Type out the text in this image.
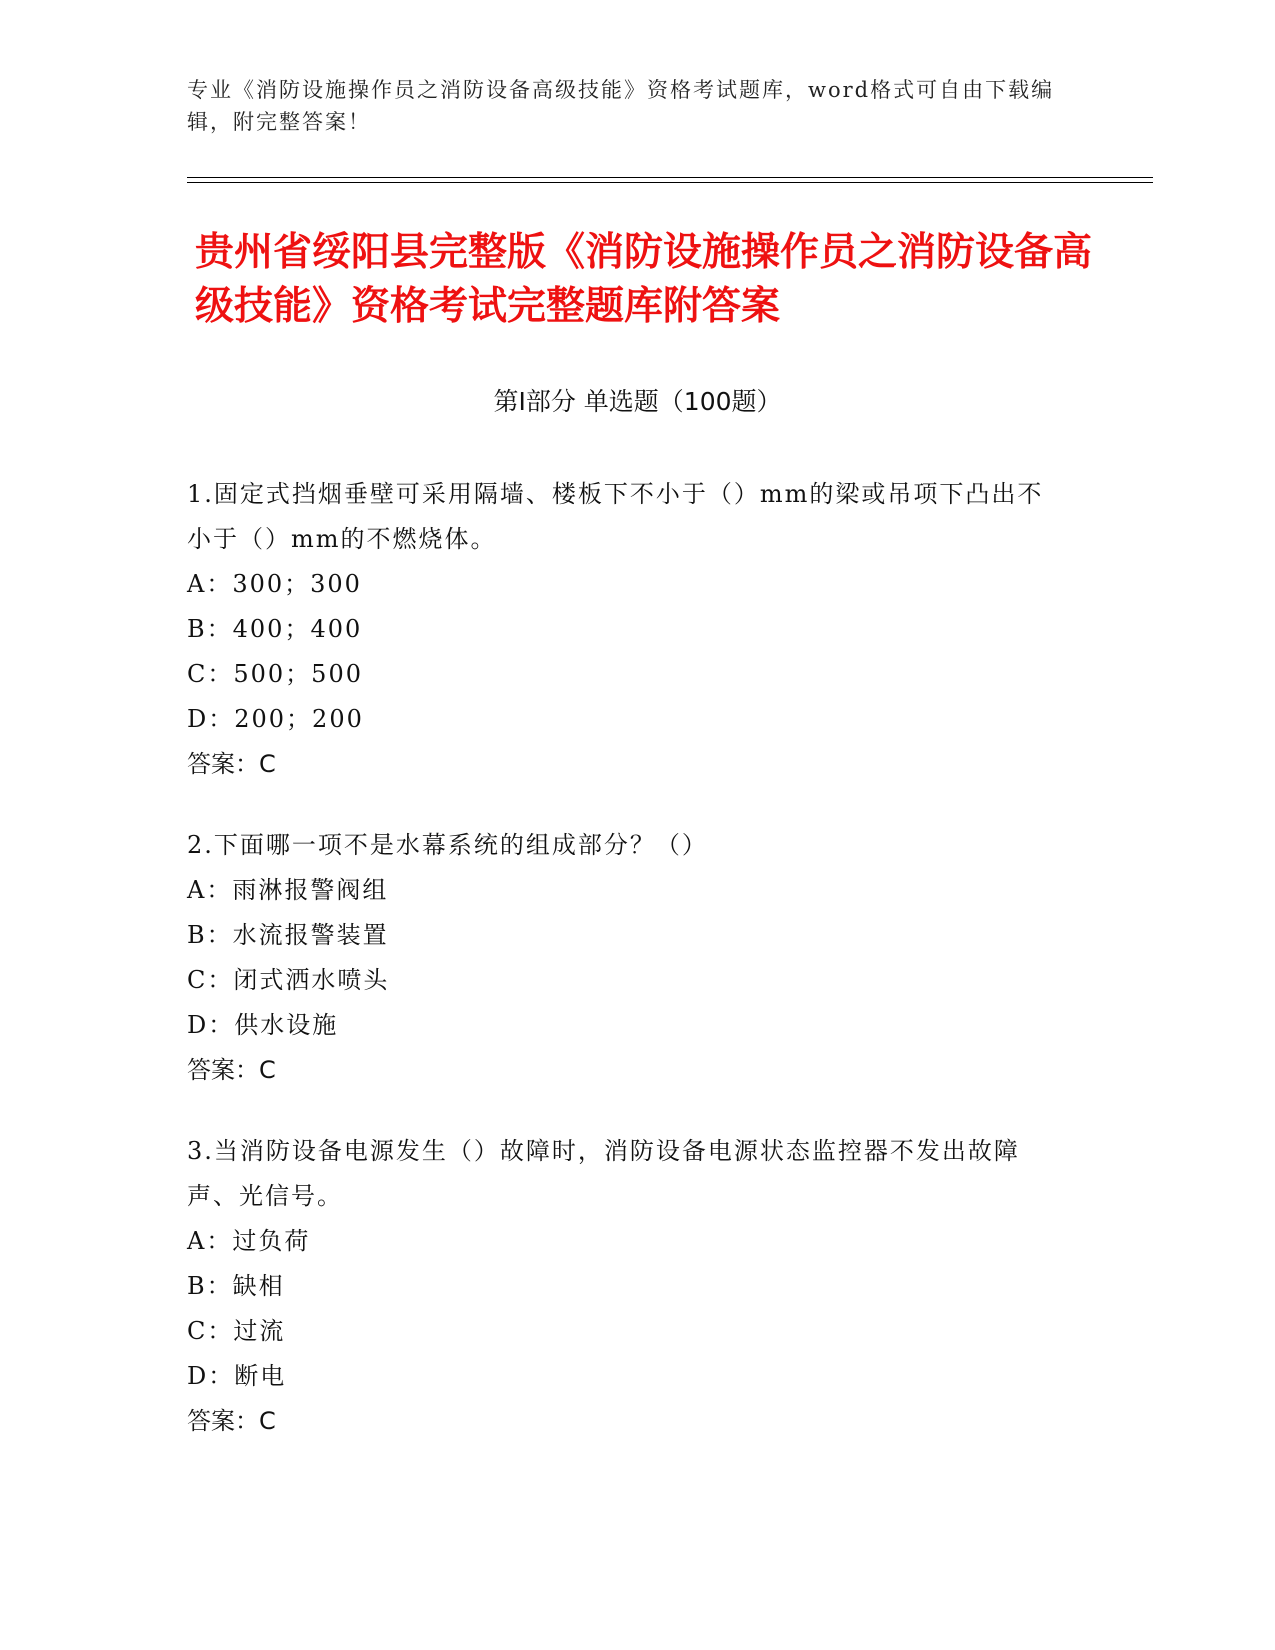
专业《消防设施操作员之消防设备高级技能》资格考试题库，word格式可自由下载编辑，附完整答案！
贵州省绥阳县完整版《消防设施操作员之消防设备高级技能》资格考试完整题库附答案
第Ⅰ部分 单选题（100题）

1.固定式挡烟垂壁可采用隔墙、楼板下不小于（）mm的梁或吊项下凸出不小于（）mm的不燃烧体。

A：300；300

B：400；400

C：500；500

D：200；200

答案：C

2.下面哪一项不是水幕系统的组成部分？（）

A：雨淋报警阀组

B：水流报警装置

C：闭式洒水喷头

D：供水设施

答案：C

3.当消防设备电源发生（）故障时，消防设备电源状态监控器不发出故障声、光信号。

A：过负荷

B：缺相

C：过流

D：断电

答案：C
